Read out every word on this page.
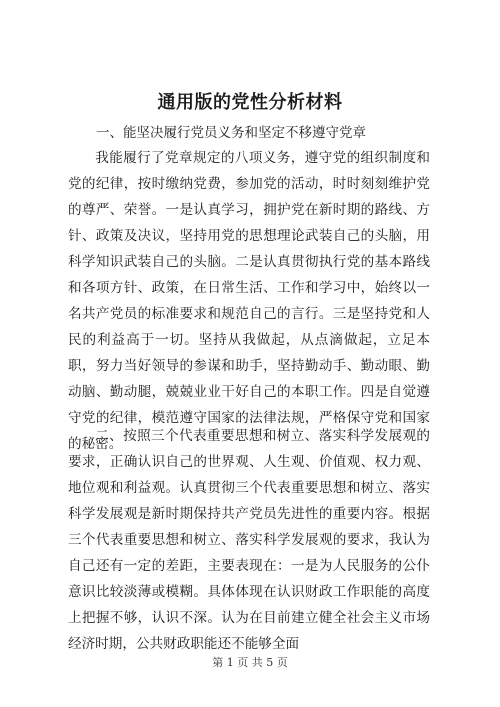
通用版的党性分析材料

一、能坚决履行党员义务和坚定不移遵守党章

我能履行了党章规定的八项义务，遵守党的组织制度和党的纪律，按时缴纳党费，参加党的活动，时时刻刻维护党的尊严、荣誉。一是认真学习，拥护党在新时期的路线、方针、政策及决议，坚持用党的思想理论武装自己的头脑，用科学知识武装自己的头脑。二是认真贯彻执行党的基本路线和各项方针、政策，在日常生活、工作和学习中，始终以一名共产党员的标准要求和规范自己的言行。三是坚持党和人民的利益高于一切。坚持从我做起，从点滴做起，立足本职，努力当好领导的参谋和助手，坚持勤动手、勤动眼、勤动脑、勤动腿，兢兢业业干好自己的本职工作。四是自觉遵守党的纪律，模范遵守国家的法律法规，严格保守党和国家的秘密。

二、按照三个代表重要思想和树立、落实科学发展观的要求，正确认识自己的世界观、人生观、价值观、权力观、地位观和利益观。认真贯彻三个代表重要思想和树立、落实科学发展观是新时期保持共产党员先进性的重要内容。根据三个代表重要思想和树立、落实科学发展观的要求，我认为自己还有一定的差距，主要表现在：一是为人民服务的公仆意识比较淡薄或模糊。具体体现在认识财政工作职能的高度上把握不够，认识不深。认为在目前建立健全社会主义市场经济时期，公共财政职能还不能够全面

第 1 页 共 5 页
